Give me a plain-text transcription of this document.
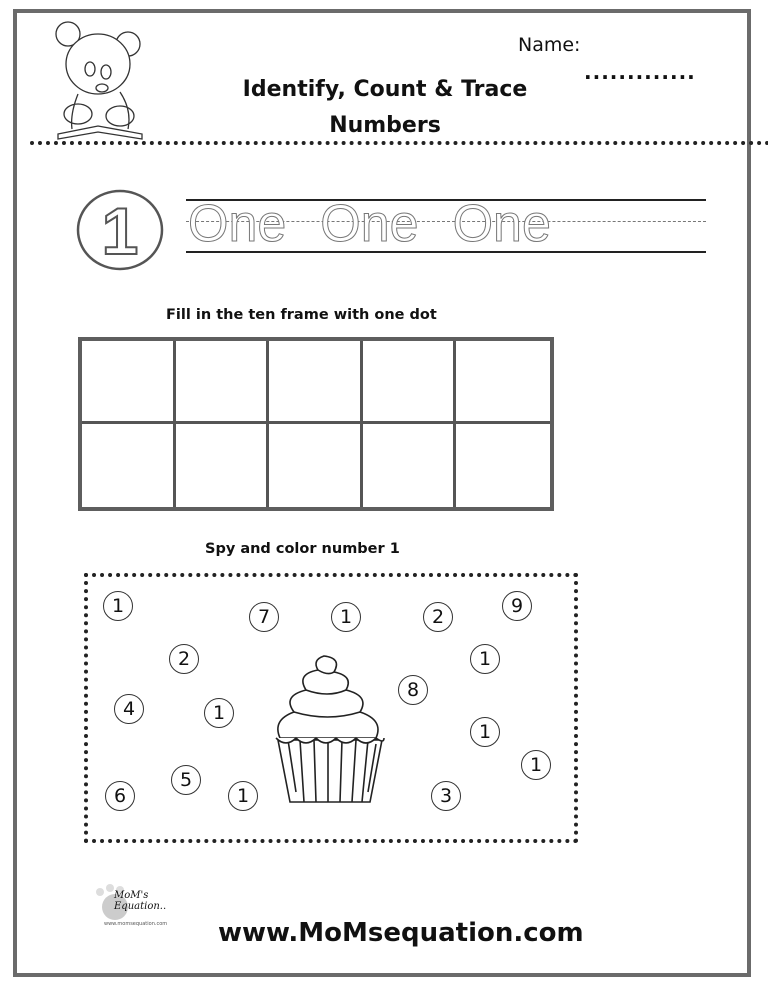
Name:
.............
Identify, Count & Trace
Numbers
1 One One One
Fill in the ten frame with one dot
Spy and color number 1
1	7	1	2	9
2	1
8
4	1
1
1
5
6	1	3
MoM's Equation..
www.momsequation.com www.MoMsequation.com
